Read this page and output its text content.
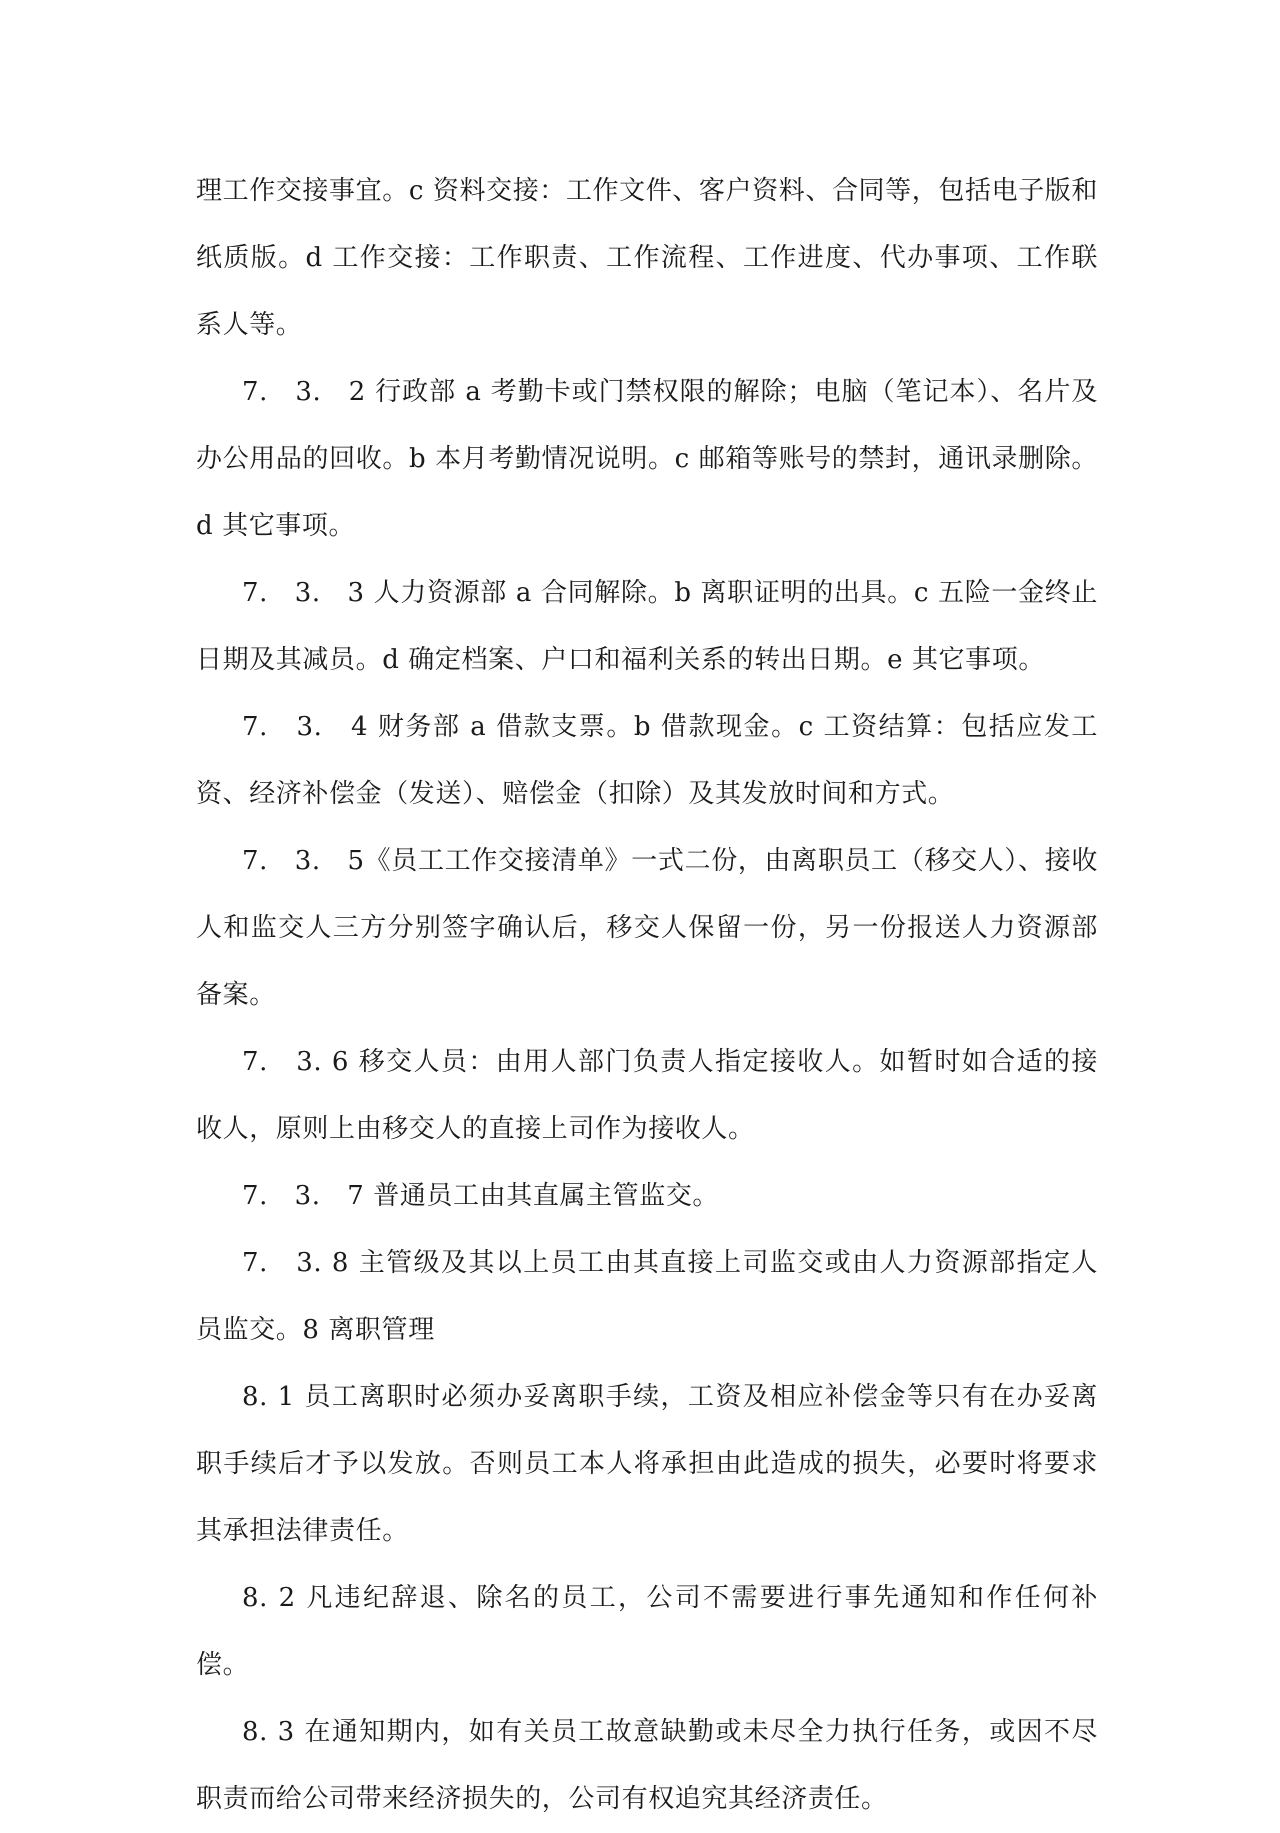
理工作交接事宜。c 资料交接：工作文件、客户资料、合同等，包括电子版和纸质版。d 工作交接：工作职责、工作流程、工作进度、代办事项、工作联系人等。

7.　3.　2 行政部 a 考勤卡或门禁权限的解除；电脑（笔记本）、名片及办公用品的回收。b 本月考勤情况说明。c 邮箱等账号的禁封，通讯录删除。d 其它事项。

7.　3.　3 人力资源部 a 合同解除。b 离职证明的出具。c 五险一金终止日期及其减员。d 确定档案、户口和福利关系的转出日期。e 其它事项。

7.　3.　4 财务部 a 借款支票。b 借款现金。c 工资结算：包括应发工资、经济补偿金（发送）、赔偿金（扣除）及其发放时间和方式。

7.　3.　5《员工工作交接清单》一式二份，由离职员工（移交人）、接收人和监交人三方分别签字确认后，移交人保留一份，另一份报送人力资源部备案。

7.　3. 6 移交人员：由用人部门负责人指定接收人。如暂时如合适的接收人，原则上由移交人的直接上司作为接收人。

7.　3.　7 普通员工由其直属主管监交。

7.　3. 8 主管级及其以上员工由其直接上司监交或由人力资源部指定人员监交。8 离职管理

8. 1 员工离职时必须办妥离职手续，工资及相应补偿金等只有在办妥离职手续后才予以发放。否则员工本人将承担由此造成的损失，必要时将要求其承担法律责任。

8. 2 凡违纪辞退、除名的员工，公司不需要进行事先通知和作任何补偿。

8. 3 在通知期内，如有关员工故意缺勤或未尽全力执行任务，或因不尽职责而给公司带来经济损失的，公司有权追究其经济责任。
